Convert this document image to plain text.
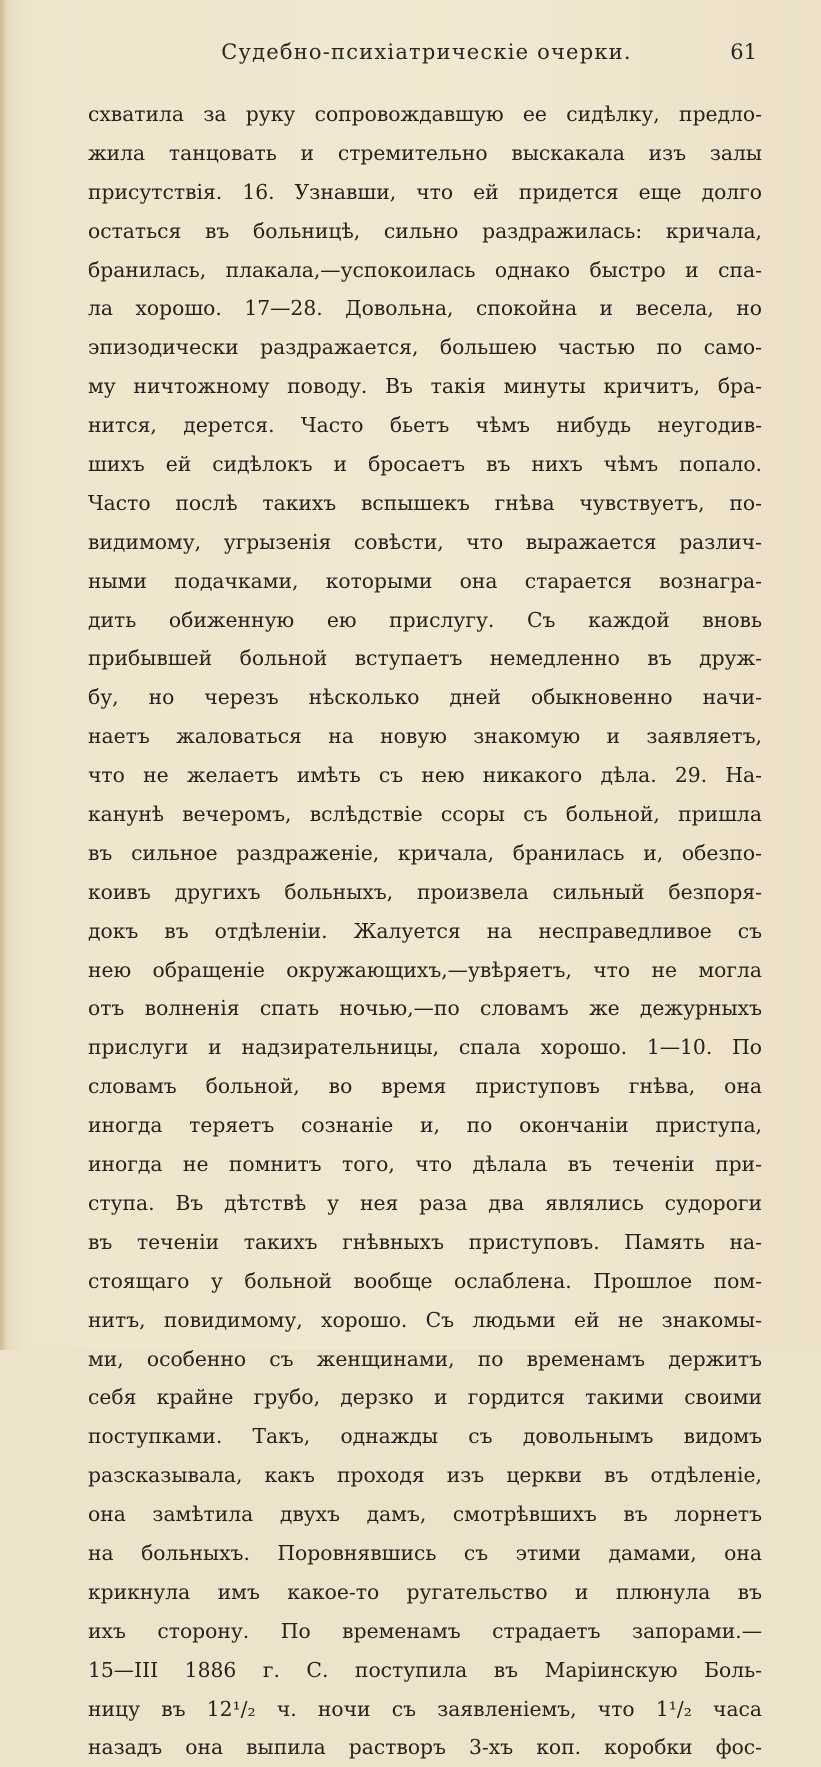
Судебно-психiатрическiе очерки.	61
схватила за руку сопровождавшую ее сидѣлку, предло-
жила танцовать и стремительно выскакала изъ залы
присутствiя. 16. Узнавши, что ей придется еще долго
остаться въ больницѣ, сильно раздражилась: кричала,
бранилась, плакала,—успокоилась однако быстро и спа-
ла хорошо. 17—28. Довольна, спокойна и весела, но
эпизодически раздражается, большею частью по само-
му ничтожному поводу. Въ такiя минуты кричитъ, бра-
нится, дерется. Часто бьетъ чѣмъ нибудь неугодив-
шихъ ей сидѣлокъ и бросаетъ въ нихъ чѣмъ попало.
Часто послѣ такихъ вспышекъ гнѣва чувствуетъ, по-
видимому, угрызенiя совѣсти, что выражается различ-
ными подачками, которыми она старается вознагра-
дить обиженную ею прислугу. Съ каждой вновь
прибывшей больной вступаетъ немедленно въ друж-
бу, но черезъ нѣсколько дней обыкновенно начи-
наетъ жаловаться на новую знакомую и заявляетъ,
что не желаетъ имѣть съ нею никакого дѣла. 29. На-
канунѣ вечеромъ, вслѣдствiе ссоры съ больной, пришла
въ сильное раздраженiе, кричала, бранилась и, обезпо-
коивъ другихъ больныхъ, произвела сильный безпоря-
докъ въ отдѣленiи. Жалуется на несправедливое съ
нею обращенiе окружающихъ,—увѣряетъ, что не могла
отъ волненiя спать ночью,—по словамъ же дежурныхъ
прислуги и надзирательницы, спала хорошо. 1—10. По
словамъ больной, во время приступовъ гнѣва, она
иногда теряетъ сознанiе и, по окончанiи приступа,
иногда не помнитъ того, что дѣлала въ теченiи при-
ступа. Въ дѣтствѣ у нея раза два являлись судороги
въ теченiи такихъ гнѣвныхъ приступовъ. Память на-
стоящаго у больной вообще ослаблена. Прошлое пом-
нитъ, повидимому, хорошо. Съ людьми ей не знакомы-
ми, особенно съ женщинами, по временамъ держитъ
себя крайне грубо, дерзко и гордится такими своими
поступками. Такъ, однажды съ довольнымъ видомъ
разсказывала, какъ проходя изъ церкви въ отдѣленiе,
она замѣтила двухъ дамъ, смотрѣвшихъ въ лорнетъ
на больныхъ. Поровнявшись съ этими дамами, она
крикнула имъ какое-то ругательство и плюнула въ
ихъ сторону. По временамъ страдаетъ запорами.—
15—III 1886 г. С. поступила въ Марiинскую Боль-
ницу въ 12¹/₂ ч. ночи съ заявленiемъ, что 1¹/₂ часа
назадъ она выпила растворъ 3-хъ коп. коробки фос-
